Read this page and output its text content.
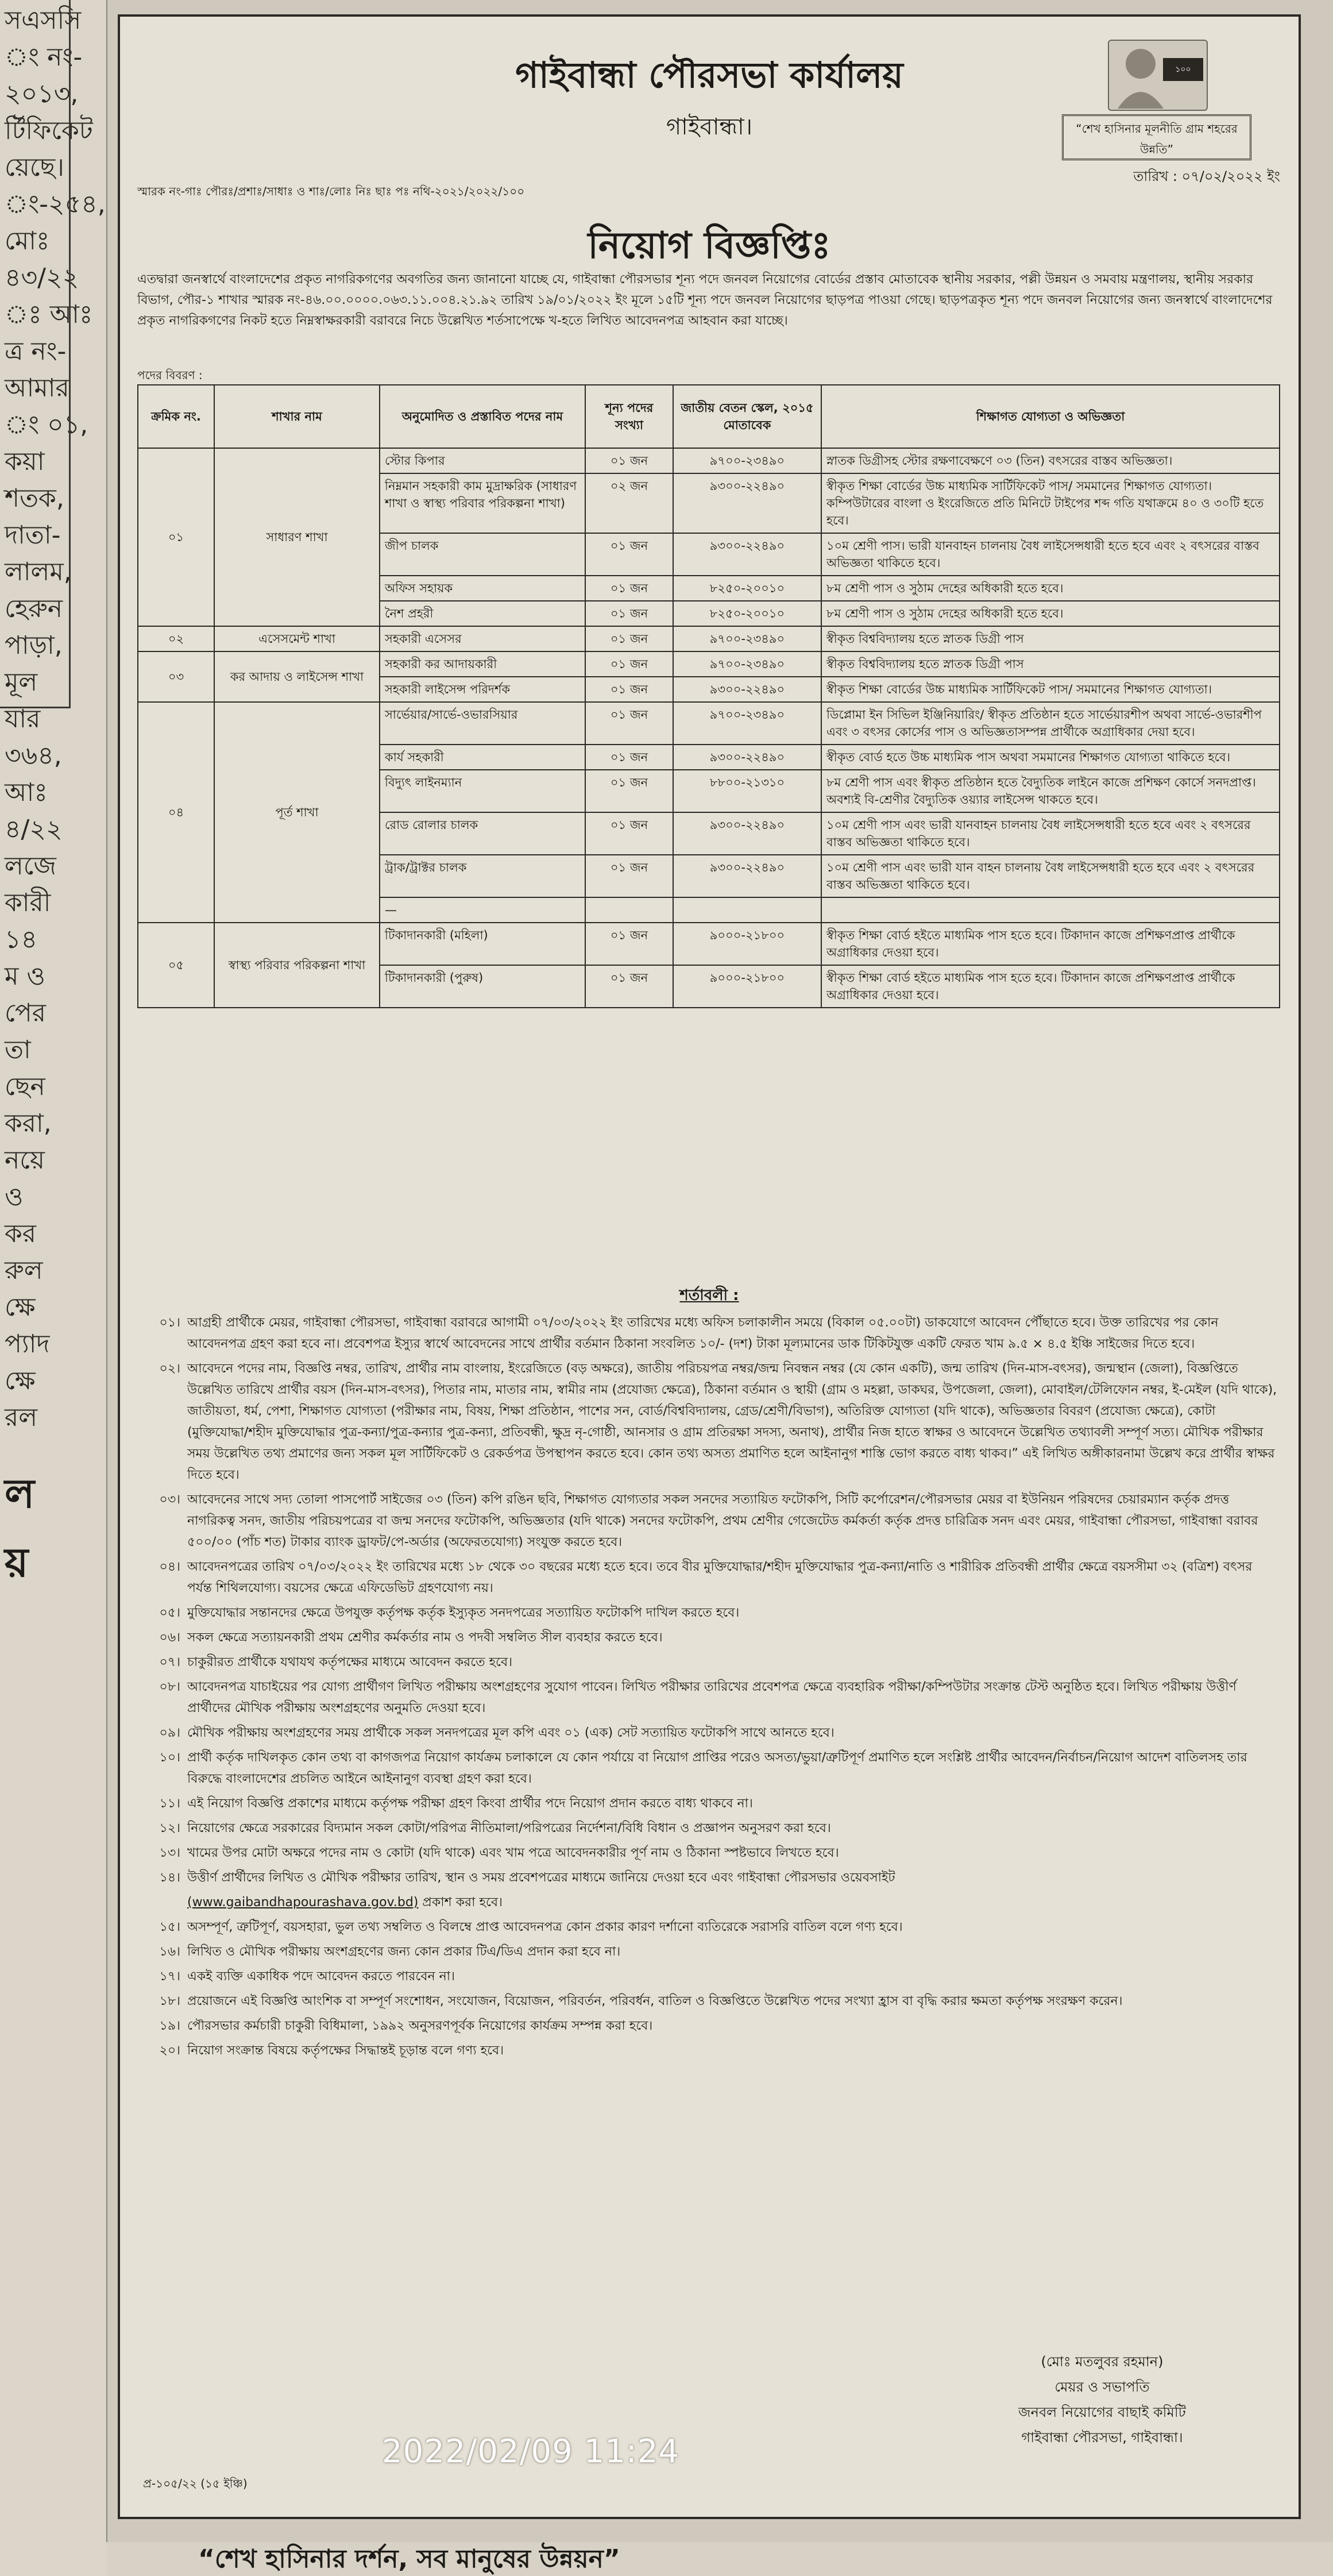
সএসসি
ং নং-
২০১৩,
র্টিফিকেট
য়েছে।
ং-২৫৪,
মোঃ
৪৩/২২
ঃ আঃ
ত্র নং-
আমার
ং ০১,
কয়া
শতক,
দাতা-
লালম,
হেরুন
পাড়া,
মূল
যার
৩৬৪,
আঃ
৪/২২
লজে
কারী
১৪
ম ও
পের
তা
ছেন
করা,
নয়ে
ও
কর
রুল
ক্ষে
প্যাদ
ক্ষে
রল
ল
য়
গাইবান্ধা পৌরসভা কার্যালয়
গাইবান্ধা।
১০০
“শেখ হাসিনার মূলনীতি গ্রাম শহরের উন্নতি”
স্মারক নং-গাঃ পৌরঃ/প্রশাঃ/সাধাঃ ও শাঃ/লোঃ নিঃ ছাঃ পঃ নথি-২০২১/২০২২/১০০
তারিখ : ০৭/০২/২০২২ ইং
নিয়োগ বিজ্ঞপ্তিঃ
এতদ্বারা জনস্বার্থে বাংলাদেশের প্রকৃত নাগরিকগণের অবগতির জন্য জানানো যাচ্ছে যে, গাইবান্ধা পৌরসভার শূন্য পদে জনবল নিয়োগের বোর্ডের প্রস্তাব মোতাবেক স্থানীয় সরকার, পল্লী উন্নয়ন ও সমবায় মন্ত্রণালয়, স্থানীয় সরকার বিভাগ, পৌর-১ শাখার স্মারক নং-৪৬.০০.০০০০.০৬৩.১১.০০৪.২১.৯২ তারিখ ১৯/০১/২০২২ ইং মূলে ১৫টি শূন্য পদে জনবল নিয়োগের ছাড়পত্র পাওয়া গেছে। ছাড়পত্রকৃত শূন্য পদে জনবল নিয়োগের জন্য জনস্বার্থে বাংলাদেশের প্রকৃত নাগরিকগণের নিকট হতে নিম্নস্বাক্ষরকারী বরাবরে নিচে উল্লেখিত শর্তসাপেক্ষে খ-হতে লিখিত আবেদনপত্র আহবান করা যাচ্ছে।
পদের বিবরণ :
ক্রমিক নং.	শাখার নাম	অনুমোদিত ও প্রস্তাবিত পদের নাম	শূন্য পদের সংখ্যা	জাতীয় বেতন স্কেল, ২০১৫ মোতাবেক	শিক্ষাগত যোগ্যতা ও অভিজ্ঞতা
০১	সাধারণ শাখা	স্টোর কিপার	০১ জন	৯৭০০-২৩৪৯০	স্নাতক ডিগ্রীসহ স্টোর রক্ষণাবেক্ষণে ০৩ (তিন) বৎসরের বাস্তব অভিজ্ঞতা।
		নিম্নমান সহকারী কাম মুদ্রাক্ষরিক (সাধারণ শাখা ও স্বাস্থ্য পরিবার পরিকল্পনা শাখা)	০২ জন	৯৩০০-২২৪৯০	স্বীকৃত শিক্ষা বোর্ডের উচ্চ মাধ্যমিক সার্টিফিকেট পাস/ সমমানের শিক্ষাগত যোগ্যতা। কম্পিউটারের বাংলা ও ইংরেজিতে প্রতি মিনিটে টাইপের শব্দ গতি যথাক্রমে ৪০ ও ৩০টি হতে হবে।
		জীপ চালক	০১ জন	৯৩০০-২২৪৯০	১০ম শ্রেণী পাস। ভারী যানবাহন চালনায় বৈধ লাইসেন্সধারী হতে হবে এবং ২ বৎসরের বাস্তব অভিজ্ঞতা থাকিতে হবে।
		অফিস সহায়ক	০১ জন	৮২৫০-২০০১০	৮ম শ্রেণী পাস ও সুঠাম দেহের অধিকারী হতে হবে।
		নৈশ প্রহরী	০১ জন	৮২৫০-২০০১০	৮ম শ্রেণী পাস ও সুঠাম দেহের অধিকারী হতে হবে।
০২	এসেসমেন্ট শাখা	সহকারী এসেসর	০১ জন	৯৭০০-২৩৪৯০	স্বীকৃত বিশ্ববিদ্যালয় হতে স্নাতক ডিগ্রী পাস
০৩	কর আদায় ও লাইসেন্স শাখা	সহকারী কর আদায়কারী	০১ জন	৯৭০০-২৩৪৯০	স্বীকৃত বিশ্ববিদ্যালয় হতে স্নাতক ডিগ্রী পাস
		সহকারী লাইসেন্স পরিদর্শক	০১ জন	৯৩০০-২২৪৯০	স্বীকৃত শিক্ষা বোর্ডের উচ্চ মাধ্যমিক সার্টিফিকেট পাস/ সমমানের শিক্ষাগত যোগ্যতা।
০৪	পূর্ত শাখা	সার্ভেয়ার/সার্ভে-ওভারসিয়ার	০১ জন	৯৭০০-২৩৪৯০	ডিপ্লোমা ইন সিভিল ইঞ্জিনিয়ারিং/ স্বীকৃত প্রতিষ্ঠান হতে সার্ভেয়ারশীপ অথবা সার্ভে-ওভারশীপ এবং ৩ বৎসর কোর্সের পাস ও অভিজ্ঞতাসম্পন্ন প্রার্থীকে অগ্রাধিকার দেয়া হবে।
		কার্য সহকারী	০১ জন	৯৩০০-২২৪৯০	স্বীকৃত বোর্ড হতে উচ্চ মাধ্যমিক পাস অথবা সমমানের শিক্ষাগত যোগ্যতা থাকিতে হবে।
		বিদ্যুৎ লাইনম্যান	০১ জন	৮৮০০-২১৩১০	৮ম শ্রেণী পাস এবং স্বীকৃত প্রতিষ্ঠান হতে বৈদ্যুতিক লাইনে কাজে প্রশিক্ষণ কোর্সে সনদপ্রাপ্ত। অবশ্যই বি-শ্রেণীর বৈদ্যুতিক ওয়্যার লাইসেন্স থাকতে হবে।
		রোড রোলার চালক	০১ জন	৯৩০০-২২৪৯০	১০ম শ্রেণী পাস এবং ভারী যানবাহন চালনায় বৈধ লাইসেন্সধারী হতে হবে এবং ২ বৎসরের বাস্তব অভিজ্ঞতা থাকিতে হবে।
		ট্রাক/ট্রাক্টর চালক	০১ জন	৯৩০০-২২৪৯০	১০ম শ্রেণী পাস এবং ভারী যান বাহন চালনায় বৈধ লাইসেন্সধারী হতে হবে এবং ২ বৎসরের বাস্তব অভিজ্ঞতা থাকিতে হবে।
		—			
০৫	স্বাস্থ্য পরিবার পরিকল্পনা শাখা	টিকাদানকারী (মহিলা)	০১ জন	৯০০০-২১৮০০	স্বীকৃত শিক্ষা বোর্ড হইতে মাধ্যমিক পাস হতে হবে। টিকাদান কাজে প্রশিক্ষণপ্রাপ্ত প্রার্থীকে অগ্রাধিকার দেওয়া হবে।
		টিকাদানকারী (পুরুষ)	০১ জন	৯০০০-২১৮০০	স্বীকৃত শিক্ষা বোর্ড হইতে মাধ্যমিক পাস হতে হবে। টিকাদান কাজে প্রশিক্ষণপ্রাপ্ত প্রার্থীকে অগ্রাধিকার দেওয়া হবে।
শর্তাবলী :
০১। আগ্রহী প্রার্থীকে মেয়র, গাইবান্ধা পৌরসভা, গাইবান্ধা বরাবরে আগামী ০৭/০৩/২০২২ ইং তারিখের মধ্যে অফিস চলাকালীন সময়ে (বিকাল ০৫.০০টা) ডাকযোগে আবেদন পৌঁছাতে হবে। উক্ত তারিখের পর কোন আবেদনপত্র গ্রহণ করা হবে না। প্রবেশপত্র ইস্যুর স্বার্থে আবেদনের সাথে প্রার্থীর বর্তমান ঠিকানা সংবলিত ১০/- (দশ) টাকা মূল্যমানের ডাক টিকিটযুক্ত একটি ফেরত খাম ৯.৫ × ৪.৫ ইঞ্চি সাইজের দিতে হবে।
০২। আবেদনে পদের নাম, বিজ্ঞপ্তি নম্বর, তারিখ, প্রার্থীর নাম বাংলায়, ইংরেজিতে (বড় অক্ষরে), জাতীয় পরিচয়পত্র নম্বর/জন্ম নিবন্ধন নম্বর (যে কোন একটি), জন্ম তারিখ (দিন-মাস-বৎসর), জন্মস্থান (জেলা), বিজ্ঞপ্তিতে উল্লেখিত তারিখে প্রার্থীর বয়স (দিন-মাস-বৎসর), পিতার নাম, মাতার নাম, স্বামীর নাম (প্রযোজ্য ক্ষেত্রে), ঠিকানা বর্তমান ও স্থায়ী (গ্রাম ও মহল্লা, ডাকঘর, উপজেলা, জেলা), মোবাইল/টেলিফোন নম্বর, ই-মেইল (যদি থাকে), জাতীয়তা, ধর্ম, পেশা, শিক্ষাগত যোগ্যতা (পরীক্ষার নাম, বিষয়, শিক্ষা প্রতিষ্ঠান, পাশের সন, বোর্ড/বিশ্ববিদ্যালয়, গ্রেড/শ্রেণী/বিভাগ), অতিরিক্ত যোগ্যতা (যদি থাকে), অভিজ্ঞতার বিবরণ (প্রযোজ্য ক্ষেত্রে), কোটা (মুক্তিযোদ্ধা/শহীদ মুক্তিযোদ্ধার পুত্র-কন্যা/পুত্র-কন্যার পুত্র-কন্যা, প্রতিবন্ধী, ক্ষুদ্র নৃ-গোষ্ঠী, আনসার ও গ্রাম প্রতিরক্ষা সদস্য, অনাথ), প্রার্থীর নিজ হাতে স্বাক্ষর ও আবেদনে উল্লেখিত তথ্যাবলী সম্পূর্ণ সত্য। মৌখিক পরীক্ষার সময় উল্লেখিত তথ্য প্রমাণের জন্য সকল মূল সার্টিফিকেট ও রেকর্ডপত্র উপস্থাপন করতে হবে। কোন তথ্য অসত্য প্রমাণিত হলে আইনানুগ শাস্তি ভোগ করতে বাধ্য থাকব।” এই লিখিত অঙ্গীকারনামা উল্লেখ করে প্রার্থীর স্বাক্ষর দিতে হবে।
০৩। আবেদনের সাথে সদ্য তোলা পাসপোর্ট সাইজের ০৩ (তিন) কপি রঙিন ছবি, শিক্ষাগত যোগ্যতার সকল সনদের সত্যায়িত ফটোকপি, সিটি কর্পোরেশন/পৌরসভার মেয়র বা ইউনিয়ন পরিষদের চেয়ারম্যান কর্তৃক প্রদত্ত নাগরিকত্ব সনদ, জাতীয় পরিচয়পত্রের বা জন্ম সনদের ফটোকপি, অভিজ্ঞতার (যদি থাকে) সনদের ফটোকপি, প্রথম শ্রেণীর গেজেটেড কর্মকর্তা কর্তৃক প্রদত্ত চারিত্রিক সনদ এবং মেয়র, গাইবান্ধা পৌরসভা, গাইবান্ধা বরাবর ৫০০/০০ (পাঁচ শত) টাকার ব্যাংক ড্রাফট/পে-অর্ডার (অফেরতযোগ্য) সংযুক্ত করতে হবে।
০৪। আবেদনপত্রের তারিখ ০৭/০৩/২০২২ ইং তারিখের মধ্যে ১৮ থেকে ৩০ বছরের মধ্যে হতে হবে। তবে বীর মুক্তিযোদ্ধার/শহীদ মুক্তিযোদ্ধার পুত্র-কন্যা/নাতি ও শারীরিক প্রতিবন্ধী প্রার্থীর ক্ষেত্রে বয়সসীমা ৩২ (বত্রিশ) বৎসর পর্যন্ত শিথিলযোগ্য। বয়সের ক্ষেত্রে এফিডেভিট গ্রহণযোগ্য নয়।
০৫। মুক্তিযোদ্ধার সন্তানদের ক্ষেত্রে উপযুক্ত কর্তৃপক্ষ কর্তৃক ইস্যুকৃত সনদপত্রের সত্যায়িত ফটোকপি দাখিল করতে হবে।
০৬। সকল ক্ষেত্রে সত্যায়নকারী প্রথম শ্রেণীর কর্মকর্তার নাম ও পদবী সম্বলিত সীল ব্যবহার করতে হবে।
০৭। চাকুরীরত প্রার্থীকে যথাযথ কর্তৃপক্ষের মাধ্যমে আবেদন করতে হবে।
০৮। আবেদনপত্র যাচাইয়ের পর যোগ্য প্রার্থীগণ লিখিত পরীক্ষায় অংশগ্রহণের সুযোগ পাবেন। লিখিত পরীক্ষার তারিখের প্রবেশপত্র ক্ষেত্রে ব্যবহারিক পরীক্ষা/কম্পিউটার সংক্রান্ত টেস্ট অনুষ্ঠিত হবে। লিখিত পরীক্ষায় উত্তীর্ণ প্রার্থীদের মৌখিক পরীক্ষায় অংশগ্রহণের অনুমতি দেওয়া হবে।
০৯। মৌখিক পরীক্ষায় অংশগ্রহণের সময় প্রার্থীকে সকল সনদপত্রের মূল কপি এবং ০১ (এক) সেট সত্যায়িত ফটোকপি সাথে আনতে হবে।
১০। প্রার্থী কর্তৃক দাখিলকৃত কোন তথ্য বা কাগজপত্র নিয়োগ কার্যক্রম চলাকালে যে কোন পর্যায়ে বা নিয়োগ প্রাপ্তির পরেও অসত্য/ভুয়া/ত্রুটিপূর্ণ প্রমাণিত হলে সংশ্লিষ্ট প্রার্থীর আবেদন/নির্বাচন/নিয়োগ আদেশ বাতিলসহ তার বিরুদ্ধে বাংলাদেশের প্রচলিত আইনে আইনানুগ ব্যবস্থা গ্রহণ করা হবে।
১১। এই নিয়োগ বিজ্ঞপ্তি প্রকাশের মাধ্যমে কর্তৃপক্ষ পরীক্ষা গ্রহণ কিংবা প্রার্থীর পদে নিয়োগ প্রদান করতে বাধ্য থাকবে না।
১২। নিয়োগের ক্ষেত্রে সরকারের বিদ্যমান সকল কোটা/পরিপত্র নীতিমালা/পরিপত্রের নির্দেশনা/বিধি বিধান ও প্রজ্ঞাপন অনুসরণ করা হবে।
১৩। খামের উপর মোটা অক্ষরে পদের নাম ও কোটা (যদি থাকে) এবং খাম পত্রে আবেদনকারীর পূর্ণ নাম ও ঠিকানা স্পষ্টভাবে লিখতে হবে।
১৪। উত্তীর্ণ প্রার্থীদের লিখিত ও মৌখিক পরীক্ষার তারিখ, স্থান ও সময় প্রবেশপত্রের মাধ্যমে জানিয়ে দেওয়া হবে এবং গাইবান্ধা পৌরসভার ওয়েবসাইট
(www.gaibandhapourashava.gov.bd) প্রকাশ করা হবে।
১৫। অসম্পূর্ণ, ত্রুটিপূর্ণ, বয়সহারা, ভুল তথ্য সম্বলিত ও বিলম্বে প্রাপ্ত আবেদনপত্র কোন প্রকার কারণ দর্শানো ব্যতিরেকে সরাসরি বাতিল বলে গণ্য হবে।
১৬। লিখিত ও মৌখিক পরীক্ষায় অংশগ্রহণের জন্য কোন প্রকার টিএ/ডিএ প্রদান করা হবে না।
১৭। একই ব্যক্তি একাধিক পদে আবেদন করতে পারবেন না।
১৮। প্রয়োজনে এই বিজ্ঞপ্তি আংশিক বা সম্পূর্ণ সংশোধন, সংযোজন, বিয়োজন, পরিবর্তন, পরিবর্ধন, বাতিল ও বিজ্ঞপ্তিতে উল্লেখিত পদের সংখ্যা হ্রাস বা বৃদ্ধি করার ক্ষমতা কর্তৃপক্ষ সংরক্ষণ করেন।
১৯। পৌরসভার কর্মচারী চাকুরী বিধিমালা, ১৯৯২ অনুসরণপূর্বক নিয়োগের কার্যক্রম সম্পন্ন করা হবে।
২০। নিয়োগ সংক্রান্ত বিষয়ে কর্তৃপক্ষের সিদ্ধান্তই চূড়ান্ত বলে গণ্য হবে।
(মোঃ মতলুবর রহমান)
মেয়র ও সভাপতি
জনবল নিয়োগের বাছাই কমিটি
গাইবান্ধা পৌরসভা, গাইবান্ধা।
প্র-১০৫/২২ (১৫ ইঞ্চি)
2022/02/09 11:24
“শেখ হাসিনার দর্শন, সব মানুষের উন্নয়ন”
